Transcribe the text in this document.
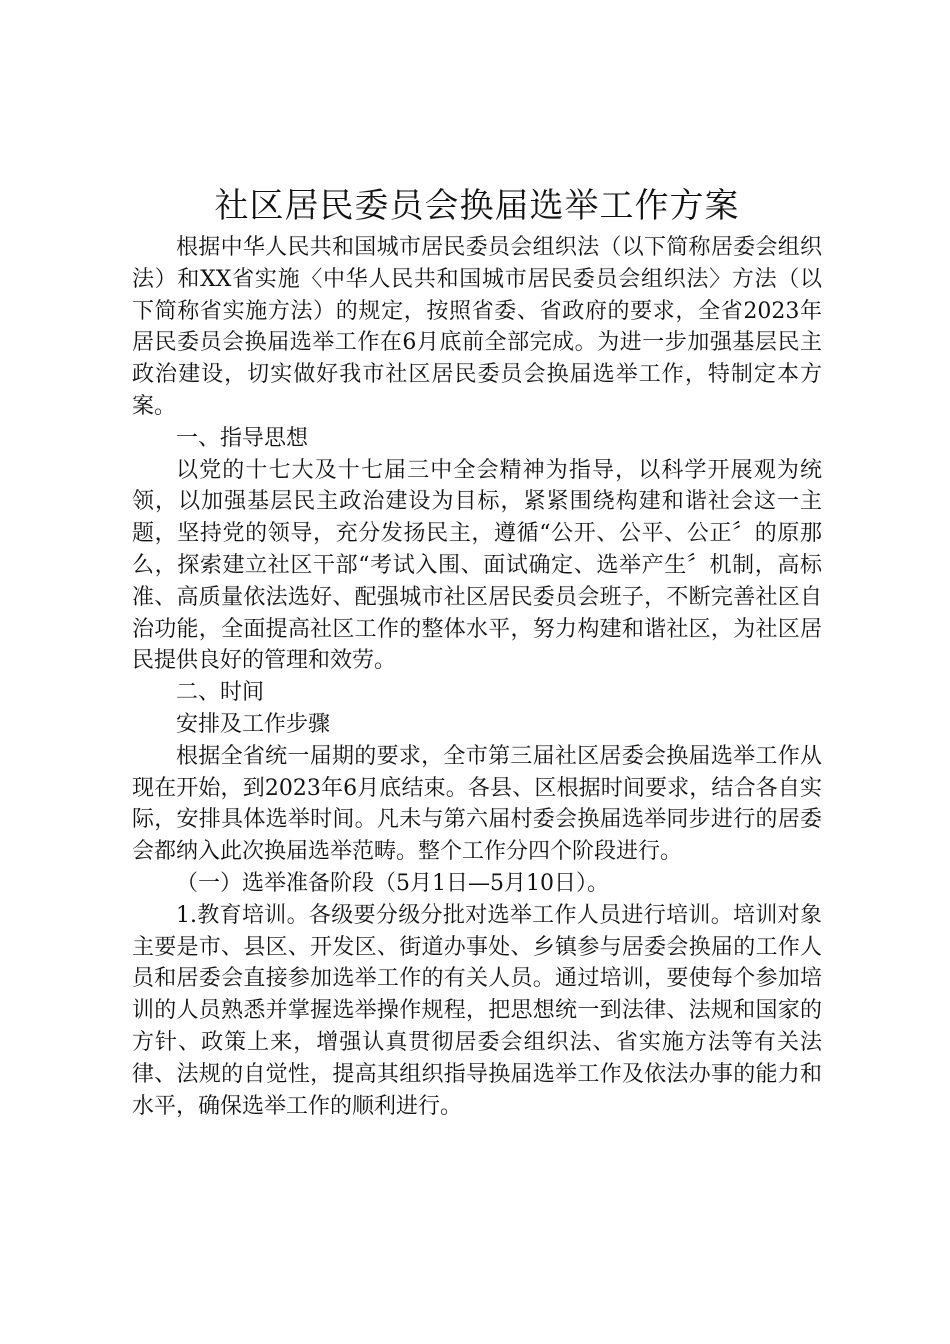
社区居民委员会换届选举工作方案

根据中华人民共和国城市居民委员会组织法（以下简称居委会组织法）和XX省实施〈中华人民共和国城市居民委员会组织法〉方法（以下简称省实施方法）的规定，按照省委、省政府的要求，全省2023年居民委员会换届选举工作在6月底前全部完成。为进一步加强基层民主政治建设，切实做好我市社区居民委员会换届选举工作，特制定本方案。

一、指导思想

以党的十七大及十七届三中全会精神为指导，以科学开展观为统领，以加强基层民主政治建设为目标，紧紧围绕构建和谐社会这一主题，坚持党的领导，充分发扬民主，遵循“公开、公平、公正〞的原那么，探索建立社区干部“考试入围、面试确定、选举产生〞机制，高标准、高质量依法选好、配强城市社区居民委员会班子，不断完善社区自治功能，全面提高社区工作的整体水平，努力构建和谐社区，为社区居民提供良好的管理和效劳。

二、时间

安排及工作步骤

根据全省统一届期的要求，全市第三届社区居委会换届选举工作从现在开始，到2023年6月底结束。各县、区根据时间要求，结合各自实际，安排具体选举时间。凡未与第六届村委会换届选举同步进行的居委会都纳入此次换届选举范畴。整个工作分四个阶段进行。

（一）选举准备阶段（5月1日—5月10日）。

1.教育培训。各级要分级分批对选举工作人员进行培训。培训对象主要是市、县区、开发区、街道办事处、乡镇参与居委会换届的工作人员和居委会直接参加选举工作的有关人员。通过培训，要使每个参加培训的人员熟悉并掌握选举操作规程，把思想统一到法律、法规和国家的方针、政策上来，增强认真贯彻居委会组织法、省实施方法等有关法律、法规的自觉性，提高其组织指导换届选举工作及依法办事的能力和水平，确保选举工作的顺利进行。
